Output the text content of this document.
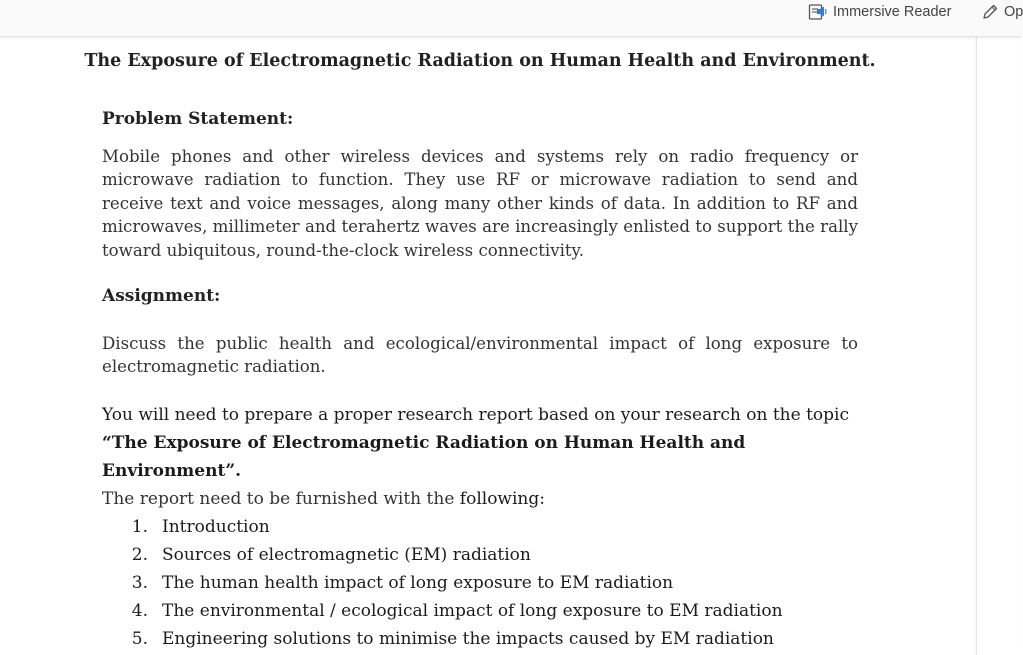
Immersive Reader	Op
The Exposure of Electromagnetic Radiation on Human Health and Environment.
Problem Statement:
Mobile phones and other wireless devices and systems rely on radio frequency or microwave radiation to function. They use RF or microwave radiation to send and receive text and voice messages, along many other kinds of data. In addition to RF and microwaves, millimeter and terahertz waves are increasingly enlisted to support the rally toward ubiquitous, round-the-clock wireless connectivity.
Assignment:
Discuss the public health and ecological/environmental impact of long exposure to electromagnetic radiation.
You will need to prepare a proper research report based on your research on the topic
“The Exposure of Electromagnetic Radiation on Human Health and Environment”.
The report need to be furnished with the following:
1. Introduction
2. Sources of electromagnetic (EM) radiation
3. The human health impact of long exposure to EM radiation
4. The environmental / ecological impact of long exposure to EM radiation
5. Engineering solutions to minimise the impacts caused by EM radiation
